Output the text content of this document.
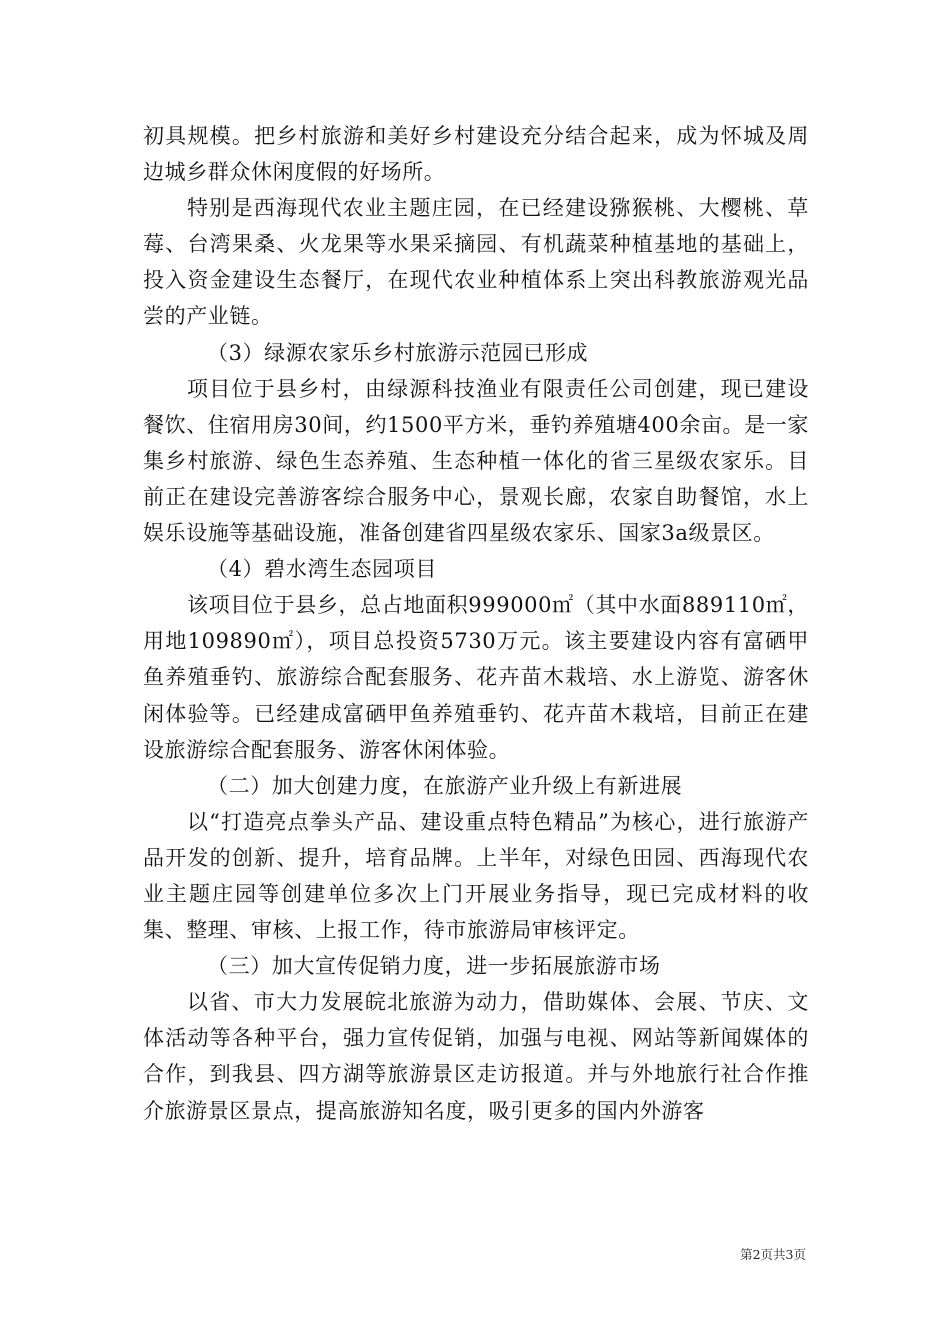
初具规模。把乡村旅游和美好乡村建设充分结合起来，成为怀城及周边城乡群众休闲度假的好场所。

特别是西海现代农业主题庄园，在已经建设猕猴桃、大樱桃、草莓、台湾果桑、火龙果等水果采摘园、有机蔬菜种植基地的基础上，投入资金建设生态餐厅，在现代农业种植体系上突出科教旅游观光品尝的产业链。

（3）绿源农家乐乡村旅游示范园已形成

项目位于县乡村，由绿源科技渔业有限责任公司创建，现已建设餐饮、住宿用房30间，约1500平方米，垂钓养殖塘400余亩。是一家集乡村旅游、绿色生态养殖、生态种植一体化的省三星级农家乐。目前正在建设完善游客综合服务中心，景观长廊，农家自助餐馆，水上娱乐设施等基础设施，准备创建省四星级农家乐、国家3a级景区。

（4）碧水湾生态园项目

该项目位于县乡，总占地面积999000㎡（其中水面889110㎡，用地109890㎡），项目总投资5730万元。该主要建设内容有富硒甲鱼养殖垂钓、旅游综合配套服务、花卉苗木栽培、水上游览、游客休闲体验等。已经建成富硒甲鱼养殖垂钓、花卉苗木栽培，目前正在建设旅游综合配套服务、游客休闲体验。

（二）加大创建力度，在旅游产业升级上有新进展

以“打造亮点拳头产品、建设重点特色精品”为核心，进行旅游产品开发的创新、提升，培育品牌。上半年，对绿色田园、西海现代农业主题庄园等创建单位多次上门开展业务指导，现已完成材料的收集、整理、审核、上报工作，待市旅游局审核评定。

（三）加大宣传促销力度，进一步拓展旅游市场

以省、市大力发展皖北旅游为动力，借助媒体、会展、节庆、文体活动等各种平台，强力宣传促销，加强与电视、网站等新闻媒体的合作，到我县、四方湖等旅游景区走访报道。并与外地旅行社合作推介旅游景区景点，提高旅游知名度，吸引更多的国内外游客

第2页共3页
